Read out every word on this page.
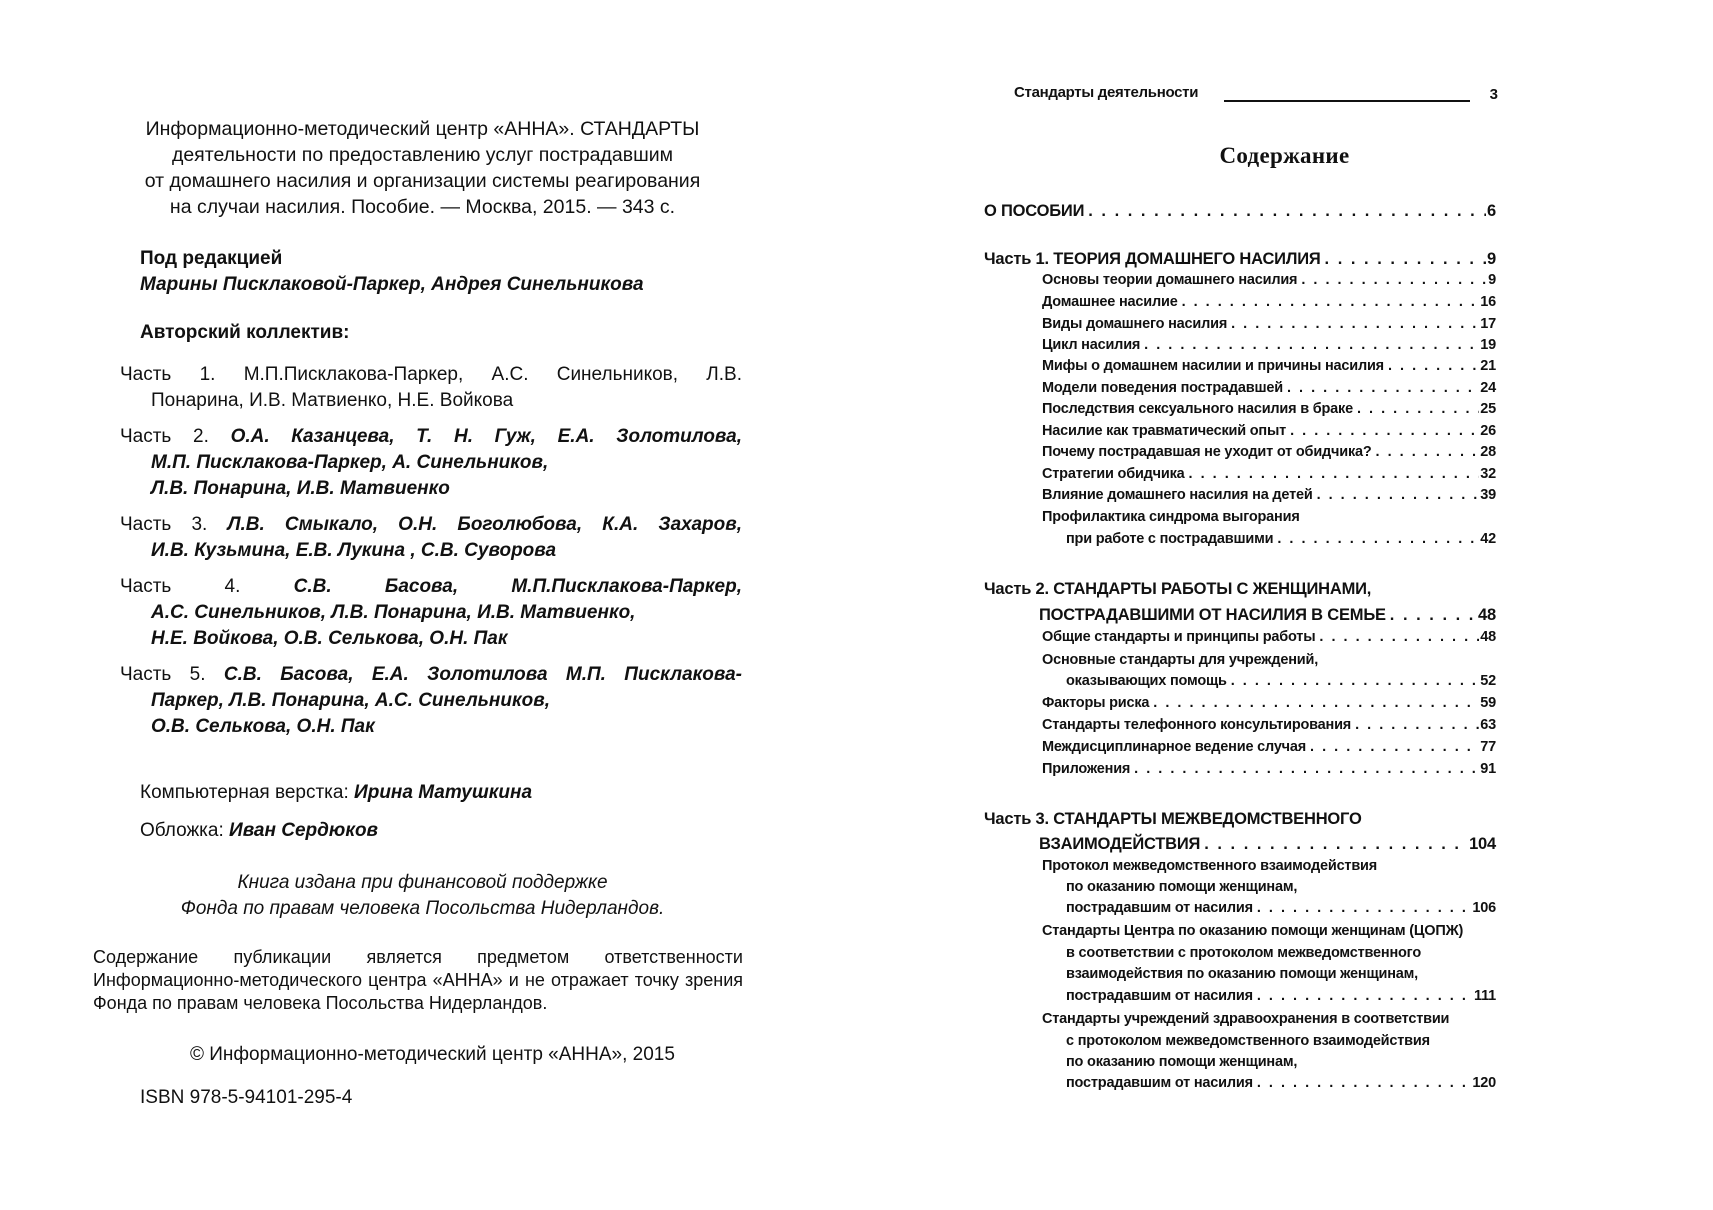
Информационно-методический центр «АННА». СТАНДАРТЫ
деятельности по предоставлению услуг пострадавшим
от домашнего насилия и организации системы реагирования
на случаи насилия. Пособие. — Москва, 2015. — 343 с.
Под редакцией
Марины Писклаковой-Паркер, Андрея Синельникова
Авторский коллектив:
Часть 1. М.П.Писклакова-Паркер, А.С. Синельников, Л.В.
Понарина, И.В. Матвиенко, Н.Е. Войкова
Часть 2. О.А. Казанцева, Т. Н. Гуж, Е.А. Золотилова,
М.П. Писклакова-Паркер, А. Синельников,
Л.В. Понарина, И.В. Матвиенко
Часть 3. Л.В. Смыкало, О.Н. Боголюбова, К.А. Захаров,
И.В. Кузьмина, Е.В. Лукина , С.В. Суворова
Часть 4.	С.В. Басова, М.П.Писклакова-Паркер,
А.С. Синельников, Л.В. Понарина, И.В. Матвиенко,
Н.Е. Войкова, О.В. Селькова, О.Н. Пак
Часть 5. С.В. Басова, Е.А. Золотилова М.П. Писклакова-
Паркер, Л.В. Понарина, А.С. Синельников,
О.В. Селькова, О.Н. Пак
Компьютерная верстка: Ирина Матушкина
Обложка: Иван Сердюков
Книга издана при финансовой поддержке
Фонда по правам человека Посольства Нидерландов.
Содержание публикации является предметом ответственности Информационно-методического центра «АННА» и не отражает точку зрения Фонда по правам человека Посольства Нидерландов.
© Информационно-методический центр «АННА», 2015
ISBN 978-5-94101-295-4
Стандарты деятельности	3
Содержание
О ПОСОБИИ . . .	6
Часть 1. ТЕОРИЯ ДОМАШНЕГО НАСИЛИЯ . . .	9
Основы теории домашнего насилия . . .	9
Домашнее насилие . . .	16
Виды домашнего насилия . . .	17
Цикл насилия . . .	19
Мифы о домашнем насилии и причины насилия . . .	21
Модели поведения пострадавшей . . .	24
Последствия сексуального насилия в браке . . .	25
Насилие как травматический опыт . . .	26
Почему пострадавшая не уходит от обидчика? . . .	28
Стратегии обидчика . . .	32
Влияние домашнего насилия на детей . . .	39
Профилактика синдрома выгорания
при работе с пострадавшими . . .	42
Часть 2. СТАНДАРТЫ РАБОТЫ С ЖЕНЩИНАМИ,
ПОСТРАДАВШИМИ ОТ НАСИЛИЯ В СЕМЬЕ . . .	48
Общие стандарты и принципы работы . . .	48
Основные стандарты для учреждений,
оказывающих помощь . . .	52
Факторы риска . . .	59
Стандарты телефонного консультирования . . .	63
Междисциплинарное ведение случая . . .	77
Приложения . . .	91
Часть 3. СТАНДАРТЫ МЕЖВЕДОМСТВЕННОГО
ВЗАИМОДЕЙСТВИЯ . . .	104
Протокол межведомственного взаимодействия
по оказанию помощи женщинам,
пострадавшим от насилия . . .	106
Стандарты Центра по оказанию помощи женщинам (ЦОПЖ)
в соответствии с протоколом межведомственного
взаимодействия по оказанию помощи женщинам,
пострадавшим от насилия . . .	111
Стандарты учреждений здравоохранения в соответствии
с протоколом межведомственного взаимодействия
по оказанию помощи женщинам,
пострадавшим от насилия . . .	120
